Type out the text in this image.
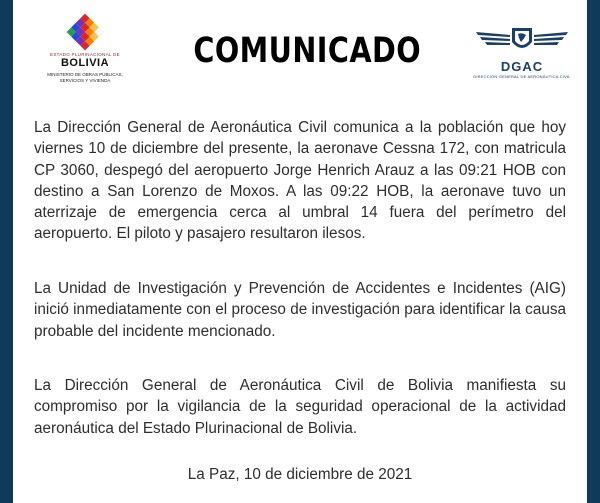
ESTADO PLURINACIONAL DE
BOLIVIA
MINISTERIO DE OBRAS PÚBLICAS, SERVICIOS Y VIVIENDA
COMUNICADO	DGAC
DIRECCIÓN GENERAL DE AERONÁUTICA CIVIL
La Dirección General de Aeronáutica Civil comunica a la población que hoy viernes 10 de diciembre del presente, la aeronave Cessna 172, con matricula CP 3060, despegó del aeropuerto Jorge Henrich Arauz a las 09:21 HOB con destino a San Lorenzo de Moxos. A las 09:22 HOB, la aeronave tuvo un aterrizaje de emergencia cerca al umbral 14 fuera del perímetro del aeropuerto. El piloto y pasajero resultaron ilesos.
La Unidad de Investigación y Prevención de Accidentes e Incidentes (AIG) inició inmediatamente con el proceso de investigación para identificar la causa probable del incidente mencionado.
La Dirección General de Aeronáutica Civil de Bolivia manifiesta su compromiso por la vigilancia de la seguridad operacional de la actividad aeronáutica del Estado Plurinacional de Bolivia.
La Paz, 10 de diciembre de 2021
